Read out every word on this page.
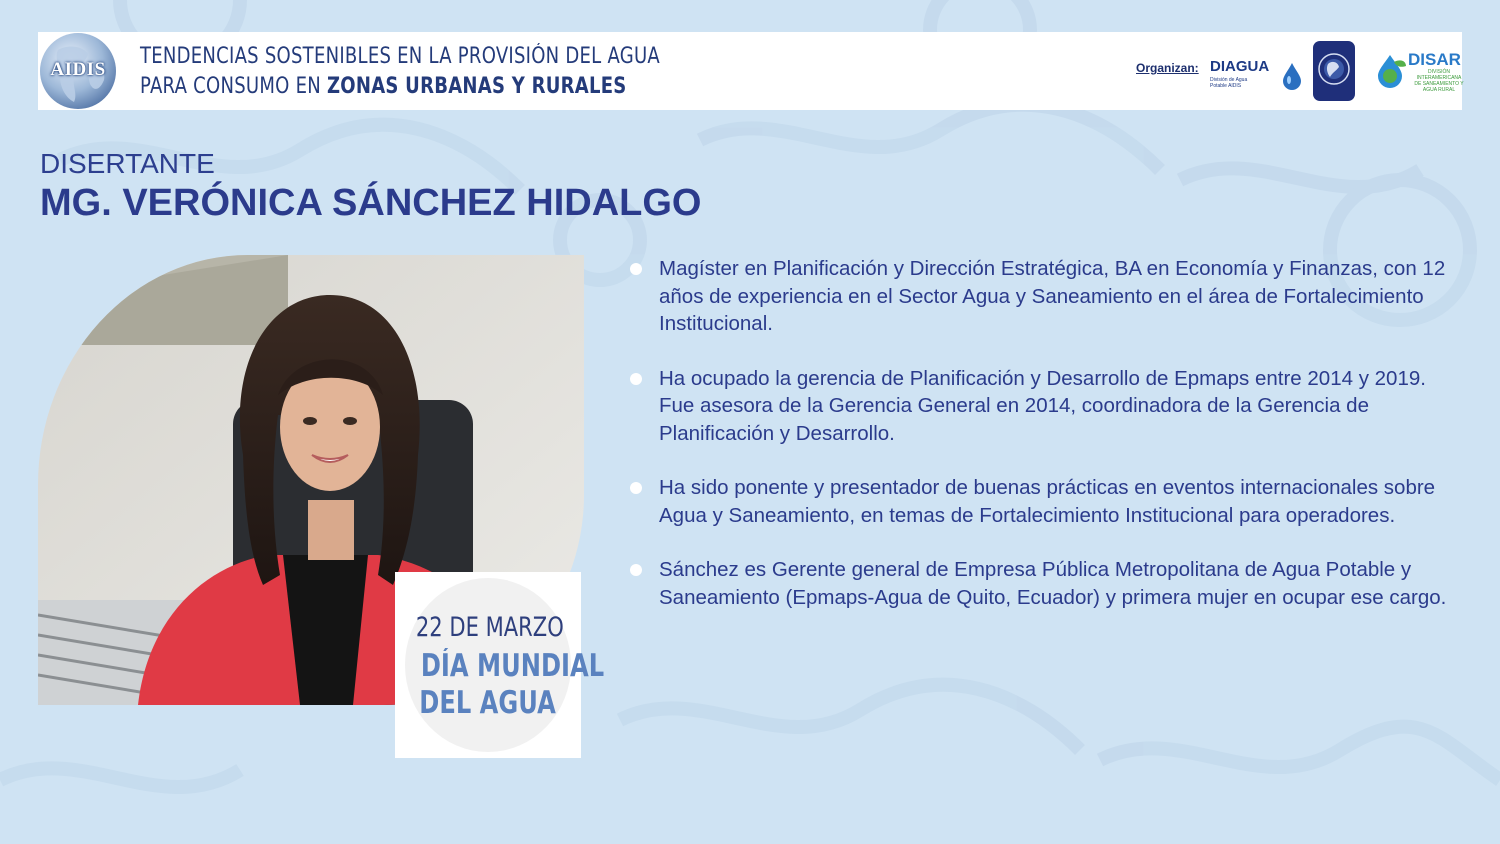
AIDIS
TENDENCIAS SOSTENIBLES EN LA PROVISIÓN DEL AGUA
PARA CONSUMO EN ZONAS URBANAS Y RURALES
Organizan: DIAGUA
División de Agua Potable AIDIS
DISAR
DIVISIÓN INTERAMERICANA DE SANEAMIENTO Y AGUA RURAL
DISERTANTE
MG. VERÓNICA SÁNCHEZ HIDALGO
22 DE MARZO
DÍA MUNDIAL
DEL AGUA
Magíster en Planificación y Dirección Estratégica, BA en Economía y Finanzas, con 12 años de experiencia en el Sector Agua y Saneamiento en el área de Fortalecimiento Institucional.
Ha ocupado la gerencia de Planificación y Desarrollo de Epmaps entre 2014 y 2019. Fue asesora de la Gerencia General en 2014, coordinadora de la Gerencia de Planificación y Desarrollo.
Ha sido ponente y presentador de buenas prácticas en eventos internacionales sobre Agua y Saneamiento, en temas de Fortalecimiento Institucional para operadores.
Sánchez es Gerente general de Empresa Pública Metropolitana de Agua Potable y Saneamiento (Epmaps-Agua de Quito, Ecuador) y primera mujer en ocupar ese cargo.
